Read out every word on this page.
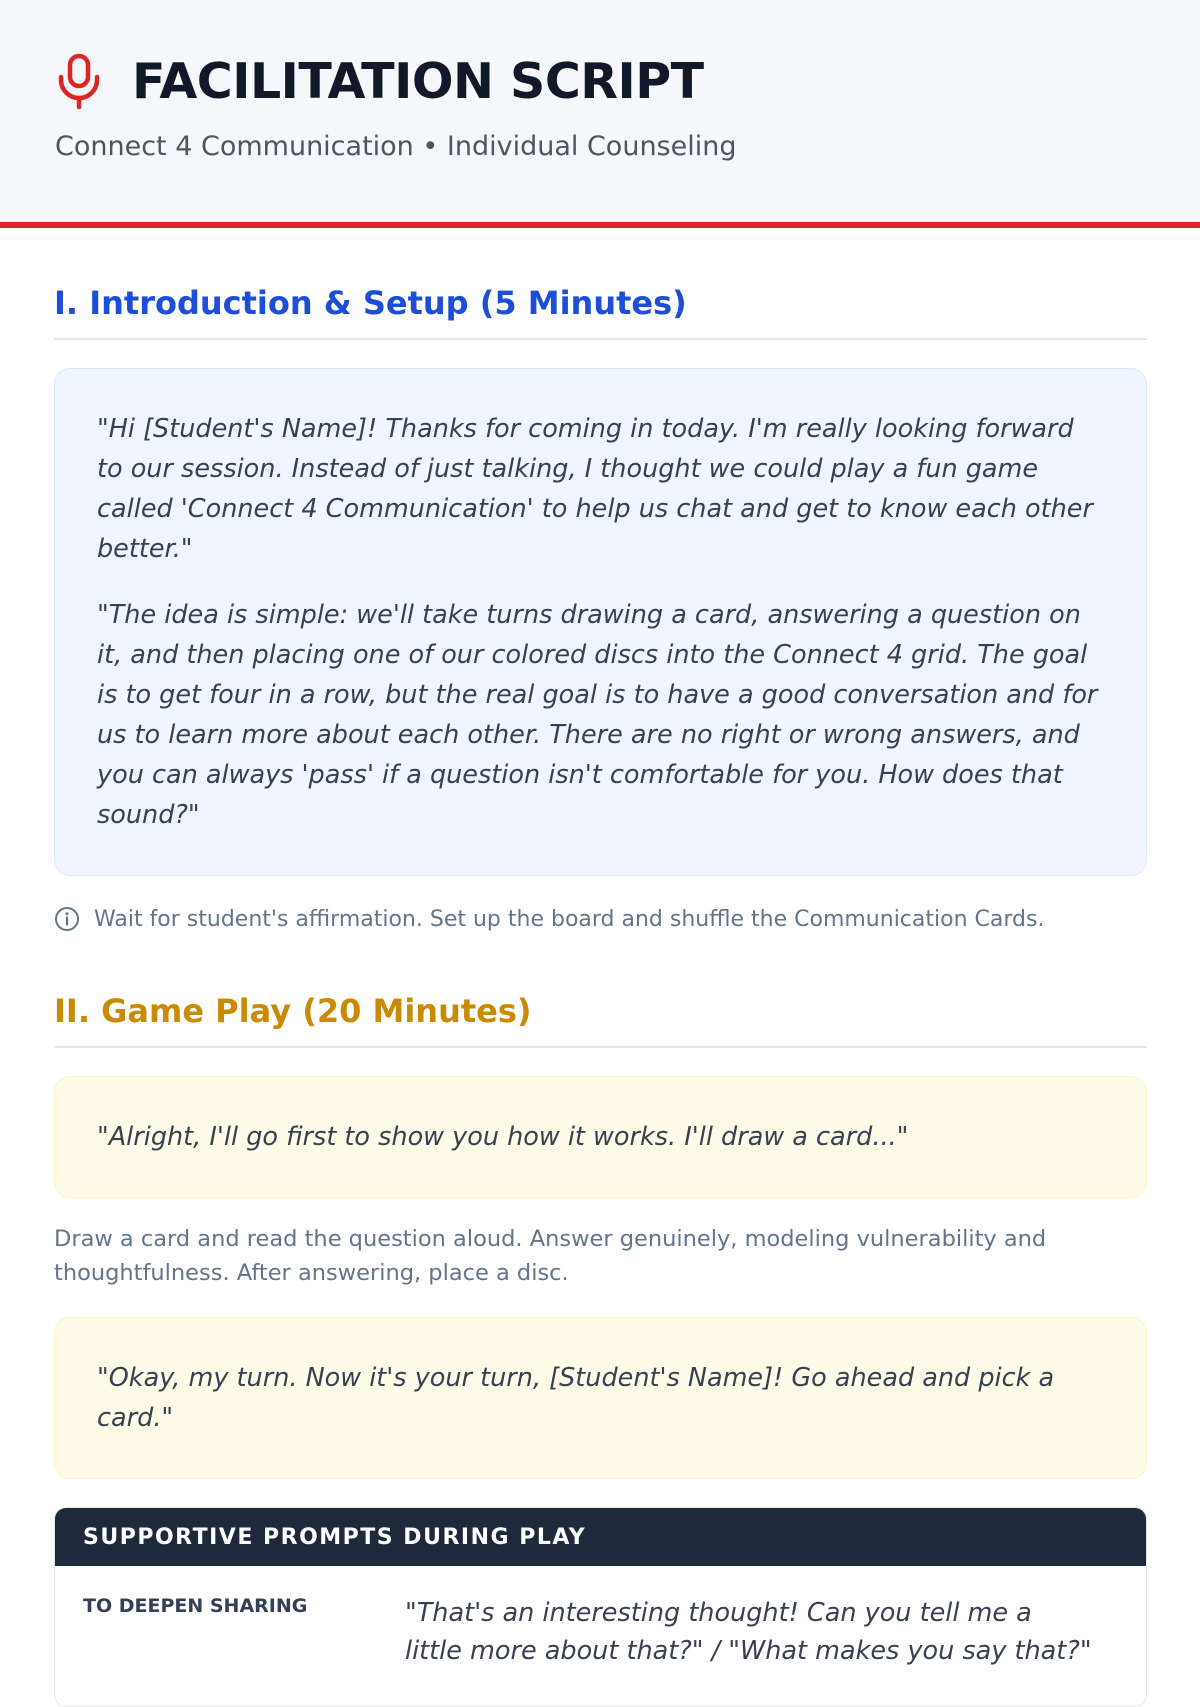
FACILITATION SCRIPT
Connect 4 Communication • Individual Counseling
I. Introduction & Setup (5 Minutes)

"Hi [Student's Name]! Thanks for coming in today. I'm really looking forward to our session. Instead of just talking, I thought we could play a fun game called 'Connect 4 Communication' to help us chat and get to know each other better."

"The idea is simple: we'll take turns drawing a card, answering a question on it, and then placing one of our colored discs into the Connect 4 grid. The goal is to get four in a row, but the real goal is to have a good conversation and for us to learn more about each other. There are no right or wrong answers, and you can always 'pass' if a question isn't comfortable for you. How does that sound?"

Wait for student's affirmation. Set up the board and shuffle the Communication Cards.
II. Game Play (20 Minutes)

"Alright, I'll go first to show you how it works. I'll draw a card..."

Draw a card and read the question aloud. Answer genuinely, modeling vulnerability and thoughtfulness. After answering, place a disc.

"Okay, my turn. Now it's your turn, [Student's Name]! Go ahead and pick a card."

SUPPORTIVE PROMPTS DURING PLAY
TO DEEPEN SHARING	"That's an interesting thought! Can you tell me a little more about that?" / "What makes you say that?"
